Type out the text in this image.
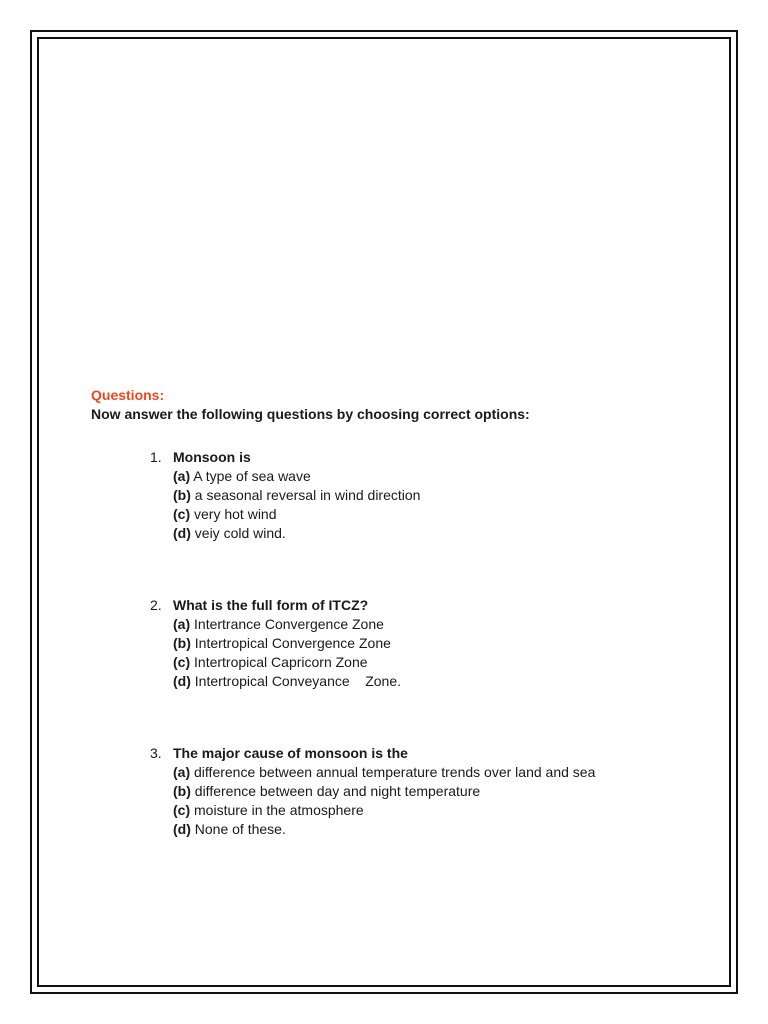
Questions:
Now answer the following questions by choosing correct options:
1. Monsoon is
(a) A type of sea wave
(b) a seasonal reversal in wind direction
(c) very hot wind
(d) veiy cold wind.
2. What is the full form of ITCZ?
(a) Intertrance Convergence Zone
(b) Intertropical Convergence Zone
(c) Intertropical Capricorn Zone
(d) Intertropical Conveyance    Zone.
3. The major cause of monsoon is the
(a) difference between annual temperature trends over land and sea
(b) difference between day and night temperature
(c) moisture in the atmosphere
(d) None of these.
